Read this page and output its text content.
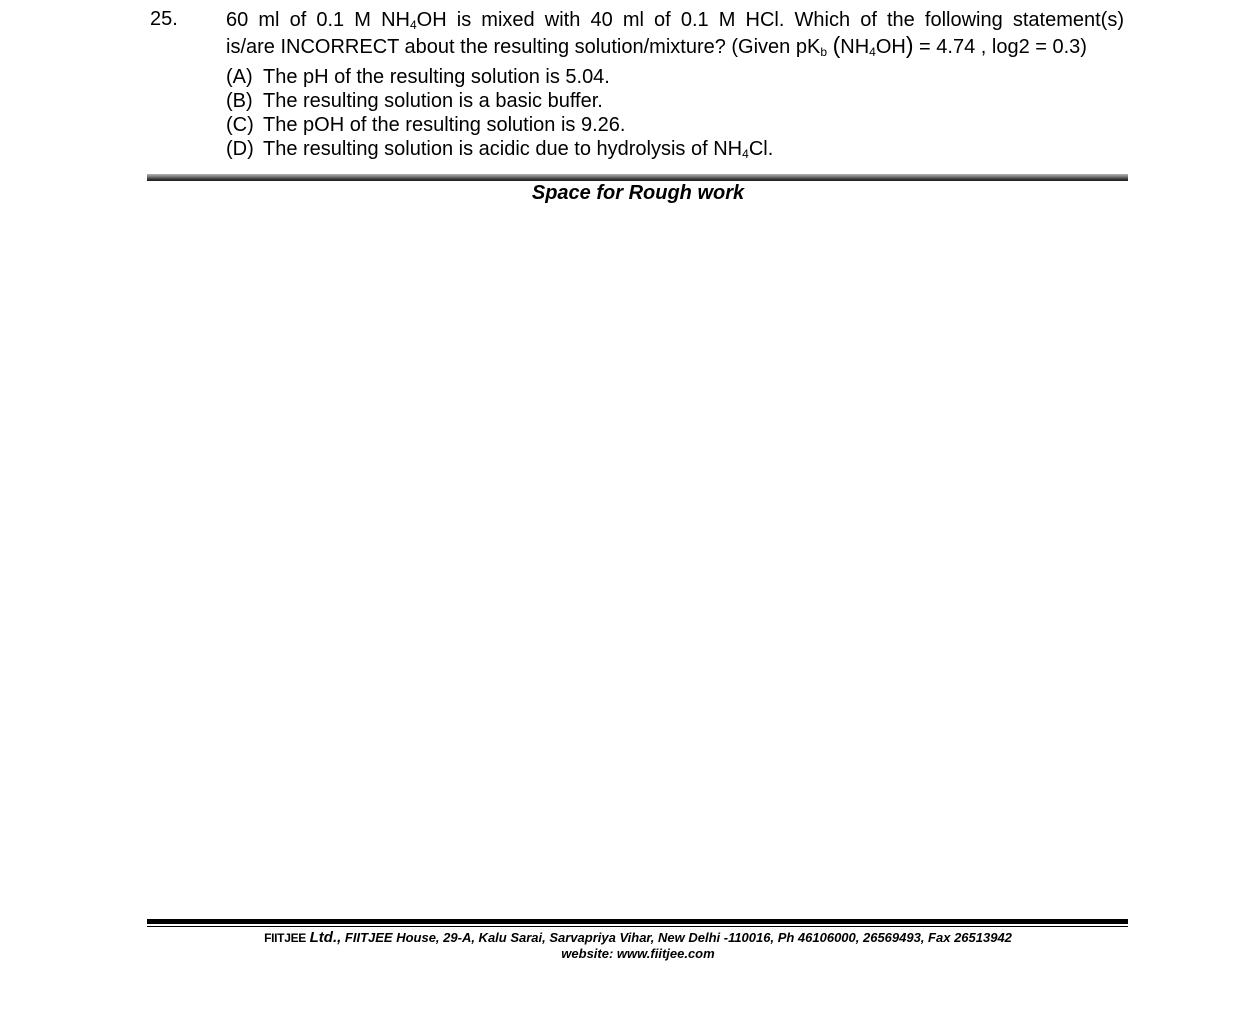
25. 60 ml of 0.1 M $NH_4OH$ is mixed with 40 ml of 0.1 M HCl. Which of the following statement(s)
is/are INCORRECT about the resulting solution/mixture? (Given $pK_b$ $(NH_4OH) = 4.74$ , log2 = 0.3)
(A) The pH of the resulting solution is 5.04.
(B) The resulting solution is a basic buffer.
(C) The pOH of the resulting solution is 9.26.
(D) The resulting solution is acidic due to hydrolysis of $NH_4Cl$.
Space for Rough work
FIITJEE Ltd., FIITJEE House, 29-A, Kalu Sarai, Sarvapriya Vihar, New Delhi -110016, Ph 46106000, 26569493, Fax 26513942
website: www.fiitjee.com
